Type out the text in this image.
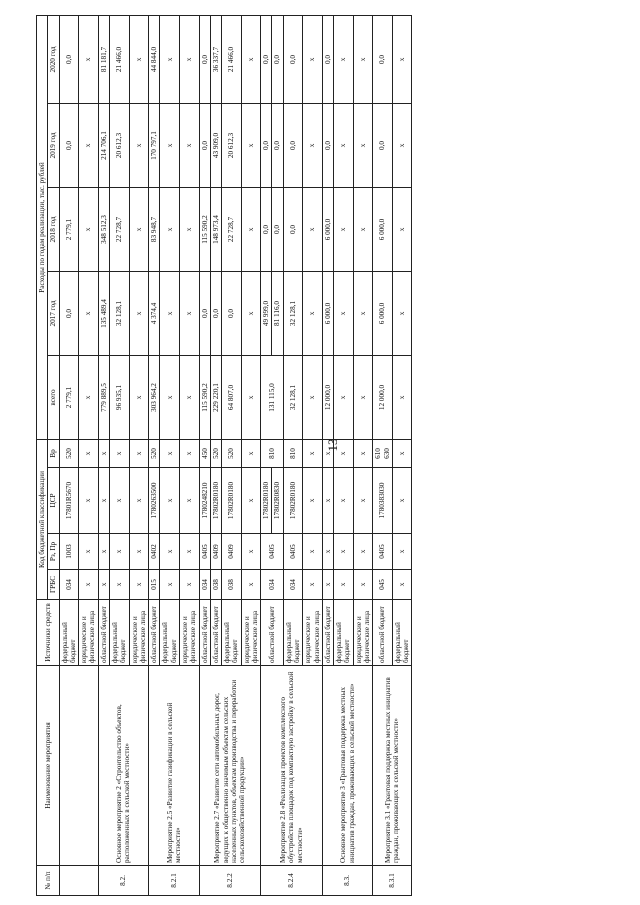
13
№ п/п	Наименование мероприятия	Источники средств	Код бюджетной классификации				Расходы по годам реализации, тыс. рублей				
			ГРБС	Рз, Пр	ЦСР	Вр	всего	2017 год	2018 год	2019 год	2020 год
		федеральный бюджет	034	1003	17801R5670	520	2 779,1	0,0	2 779,1	0,0	0,0
		юридические и физические лица	x	x	x	x	x	x	x	x	x
8.2.	Основное мероприятие 2 «Строительство объектов, расположенных в сельской местности»	областной бюджет	x	x	x	x	779 889,5	135 489,4	348 512,3	214 706,1	81 181,7
		федеральный бюджет	x	x	x	x	96 935,1	32 128,1	22 728,7	20 612,3	21 466,0
		юридические и физические лица	x	x	x	x	x	x	x	x	x
8.2.1	Мероприятие 2.5 «Развитие газификации в сельской местности»	областной бюджет	015	0402	1780263500	520	303 964,2	4 374,4	83 948,7	170 797,1	44 844,0
		федеральный бюджет	x	x	x	x	x	x	x	x	x
		юридические и физические лица	x	x	x	x	x	x	x	x	x
8.2.2	Мероприятие 2.7 «Развитие сети автомобильных дорог, ведущих к общественно значимым объектам сельских населенных пунктов, объектам производства и переработки сельскохозяйственной продукции»	областной бюджет	034	0405	1780248210	450	115 590,2	0,0	115 590,2	0,0	0,0
		областной бюджет	038	0409	17802R0180	520	229 220,1	0,0	148 973,4	43 909,0	36 337,7
		федеральный бюджет	038	0409	17802R0180	520	64 807,0	0,0	22 728,7	20 612,3	21 466,0
		юридические и физические лица	x	x	x	x	x	x	x	x	x
8.2.4	Мероприятие 2.8 «Реализация проектов комплексного обустройства площадок под компактную застройку в сельской местности»	областной бюджет	034	0405	17802R0180 17802R0830	810	131 115,0	49 999,0 81 116,0	0,0 0,0	0,0 0,0	0,0 0,0

		федеральный бюджет	034	0405	17802R0180	810	32 128,1	32 128,1	0,0	0,0	0,0
		юридические и физические лица	x	x	x	x	x	x	x	x	x
8.3.	Основное мероприятие 3 «Грантовая поддержка местных инициатив граждан, проживающих в сельской местности»	областной бюджет	x	x	x	x	12 000,0	6 000,0	6 000,0	0,0	0,0
		федеральный бюджет	x	x	x	x	x	x	x	x	x
		юридические и физические лица	x	x	x	x	x	x	x	x	x
8.3.1	Мероприятие 3.1 «Грантовая поддержка местных инициатив граждан, проживающих в сельской местности»	областной бюджет	045	0405	1780383030	610 630	12 000,0	6 000,0	6 000,0	0,0	0,0
		федеральный бюджет	x	x	x	x	x	x	x	x	x
